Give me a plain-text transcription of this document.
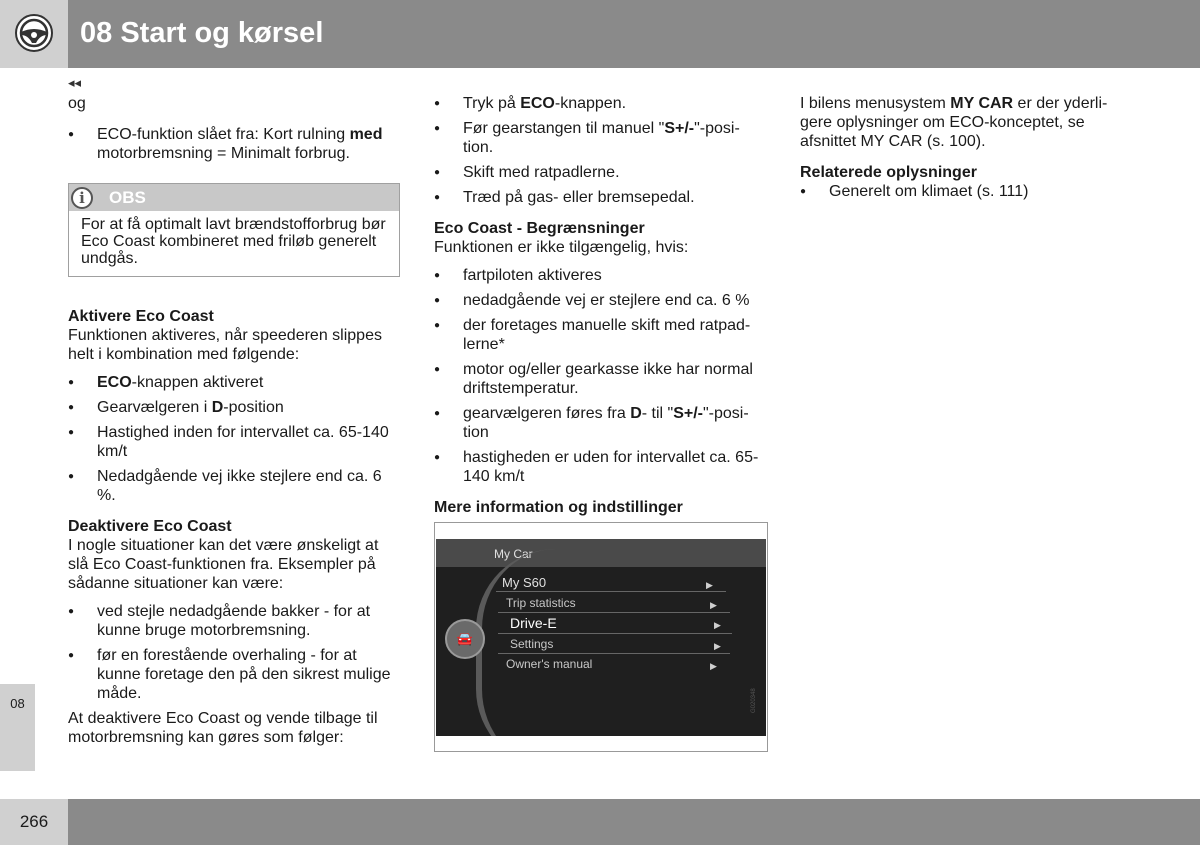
08 Start og kørsel
◂◂

og

● ECO-funktion slået fra: Kort rulning med motorbremsning = Minimalt forbrug.
i	OBS
For at få optimalt lavt brændstofforbrug bør Eco Coast kombineret med friløb generelt undgås.
Aktivere Eco Coast

Funktionen aktiveres, når speederen slippes helt i kombination med følgende:

● ECO-knappen aktiveret
● Gearvælgeren i D-position
● Hastighed inden for intervallet ca. 65-140 km/t
● Nedadgående vej ikke stejlere end ca. 6 %.
Deaktivere Eco Coast

I nogle situationer kan det være ønskeligt at slå Eco Coast-funktionen fra. Eksempler på sådanne situationer kan være:

● ved stejle nedadgående bakker - for at kunne bruge motorbremsning.
● før en forestående overhaling - for at kunne foretage den på den sikrest mulige måde.

At deaktivere Eco Coast og vende tilbage til motorbremsning kan gøres som følger:

● Tryk på ECO-knappen.
● Før gearstangen til manuel "S+/-"-posi-tion.
● Skift med ratpadlerne.
● Træd på gas- eller bremsepedal.
Eco Coast - Begrænsninger

Funktionen er ikke tilgængelig, hvis:

● fartpiloten aktiveres
● nedadgående vej er stejlere end ca. 6 %
● der foretages manuelle skift med ratpad-lerne*
● motor og/eller gearkasse ikke har normal driftstemperatur.
● gearvælgeren føres fra D- til "S+/-"-posi-tion
● hastigheden er uden for intervallet ca. 65-140 km/t
Mere information og indstillinger
My Car
My S60	▶
Trip statistics	▶
Drive-E	▶
Settings	▶
Owner's manual	▶
🚘
G020348

I bilens menusystem MY CAR er der yderli-gere oplysninger om ECO-konceptet, se afsnittet MY CAR (s. 100).

Relaterede oplysninger
● Generelt om klimaet (s. 111)
08
266
